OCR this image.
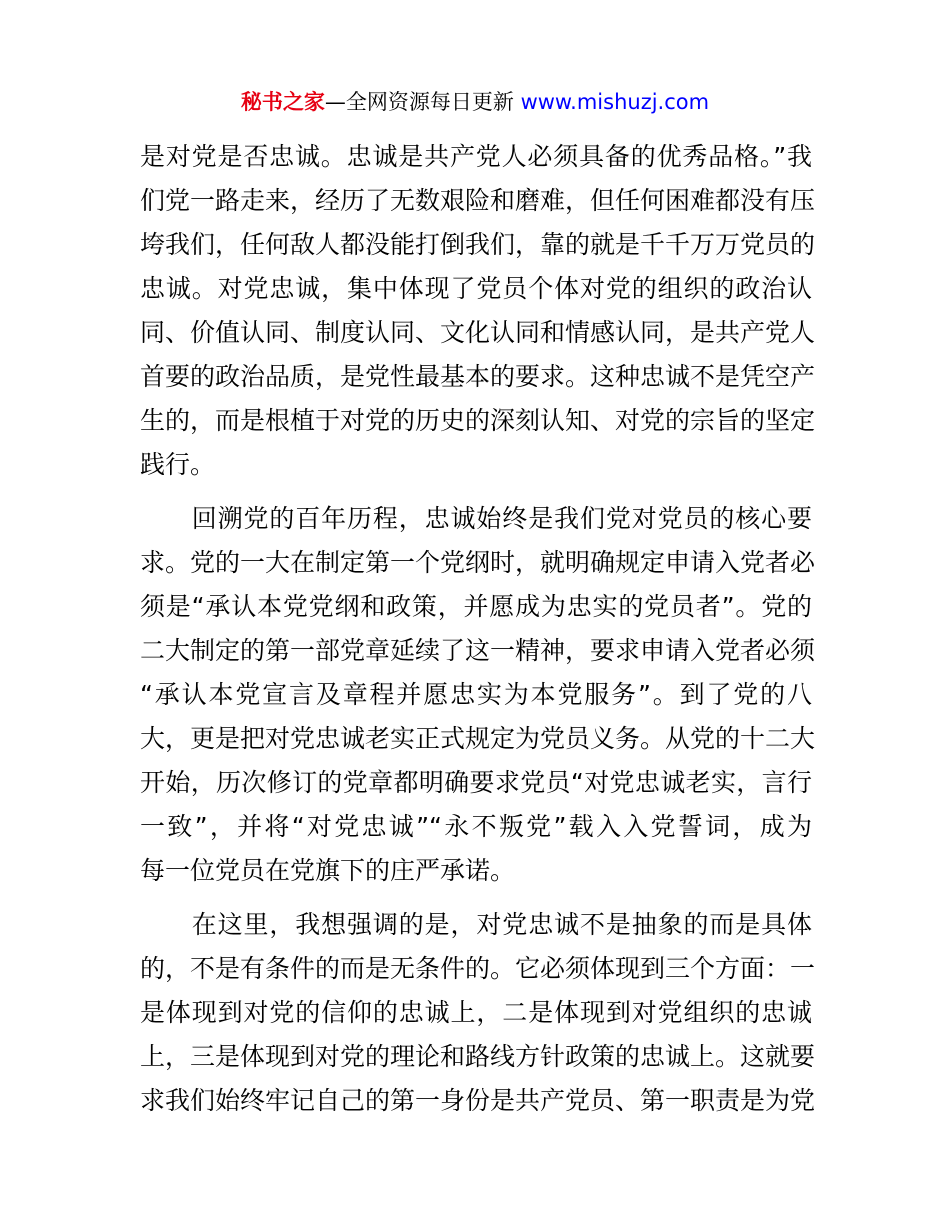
秘书之家—全网资源每日更新 www.mishuzj.com

是对党是否忠诚。忠诚是共产党人必须具备的优秀品格。”我
们党一路走来，经历了无数艰险和磨难，但任何困难都没有压
垮我们，任何敌人都没能打倒我们，靠的就是千千万万党员的
忠诚。对党忠诚，集中体现了党员个体对党的组织的政治认
同、价值认同、制度认同、文化认同和情感认同，是共产党人
首要的政治品质，是党性最基本的要求。这种忠诚不是凭空产
生的，而是根植于对党的历史的深刻认知、对党的宗旨的坚定
践行。

　　回溯党的百年历程，忠诚始终是我们党对党员的核心要
求。党的一大在制定第一个党纲时，就明确规定申请入党者必
须是“承认本党党纲和政策，并愿成为忠实的党员者”。党的
二大制定的第一部党章延续了这一精神，要求申请入党者必须
“承认本党宣言及章程并愿忠实为本党服务”。到了党的八
大，更是把对党忠诚老实正式规定为党员义务。从党的十二大
开始，历次修订的党章都明确要求党员“对党忠诚老实，言行
一致”，并将“对党忠诚”“永不叛党”载入入党誓词，成为
每一位党员在党旗下的庄严承诺。

　　在这里，我想强调的是，对党忠诚不是抽象的而是具体
的，不是有条件的而是无条件的。它必须体现到三个方面：一
是体现到对党的信仰的忠诚上，二是体现到对党组织的忠诚
上，三是体现到对党的理论和路线方针政策的忠诚上。这就要
求我们始终牢记自己的第一身份是共产党员、第一职责是为党
